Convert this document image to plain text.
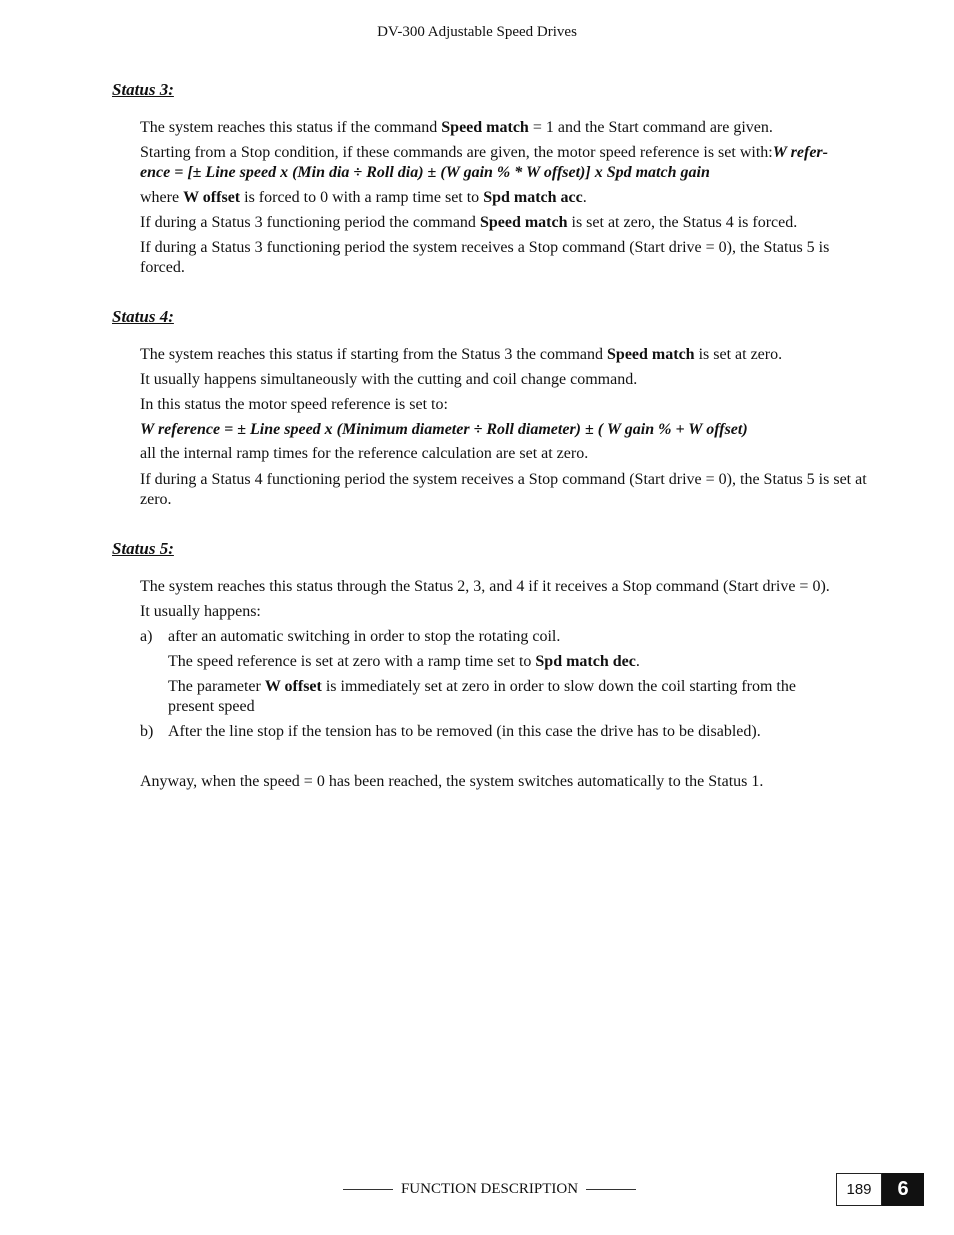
DV-300 Adjustable Speed Drives
Status 3:
The system reaches this status if the command Speed match = 1 and the Start command are given.
Starting from a Stop condition, if these commands are given, the motor speed reference is set with:W refer-
ence = [± Line speed x (Min dia ÷ Roll dia) ± (W gain % * W offset)] x Spd match gain
where W offset is forced to 0 with a ramp time set to Spd match acc.
If during a Status 3 functioning period the command Speed match is set at zero, the Status 4 is forced.
If during a Status 3 functioning period the system receives a Stop command (Start drive = 0), the Status 5 is forced.
Status 4:
The system reaches this status if starting from the Status 3 the command Speed match is set at zero.
It usually happens simultaneously with the cutting and coil change command.
In this status the motor speed reference is set to:
W reference = ± Line speed x (Minimum diameter ÷ Roll diameter) ± ( W gain % + W offset)
all the internal ramp times for the reference calculation are set at zero.
If during a Status 4 functioning period the system receives a Stop command (Start drive = 0), the Status 5 is set at zero.
Status 5:
The system reaches this status through the Status 2, 3, and 4 if it receives a Stop command (Start drive = 0).
It usually happens:
a) after an automatic switching in order to stop the rotating coil.
The speed reference is set at zero with a ramp time set to Spd match dec.
The parameter W offset is immediately set at zero in order to slow down the coil starting from the present speed
b) After the line stop if the tension has to be removed (in this case the drive has to be disabled).
Anyway, when the speed = 0 has been reached, the system switches automatically to the Status 1.
FUNCTION DESCRIPTION	189	6
